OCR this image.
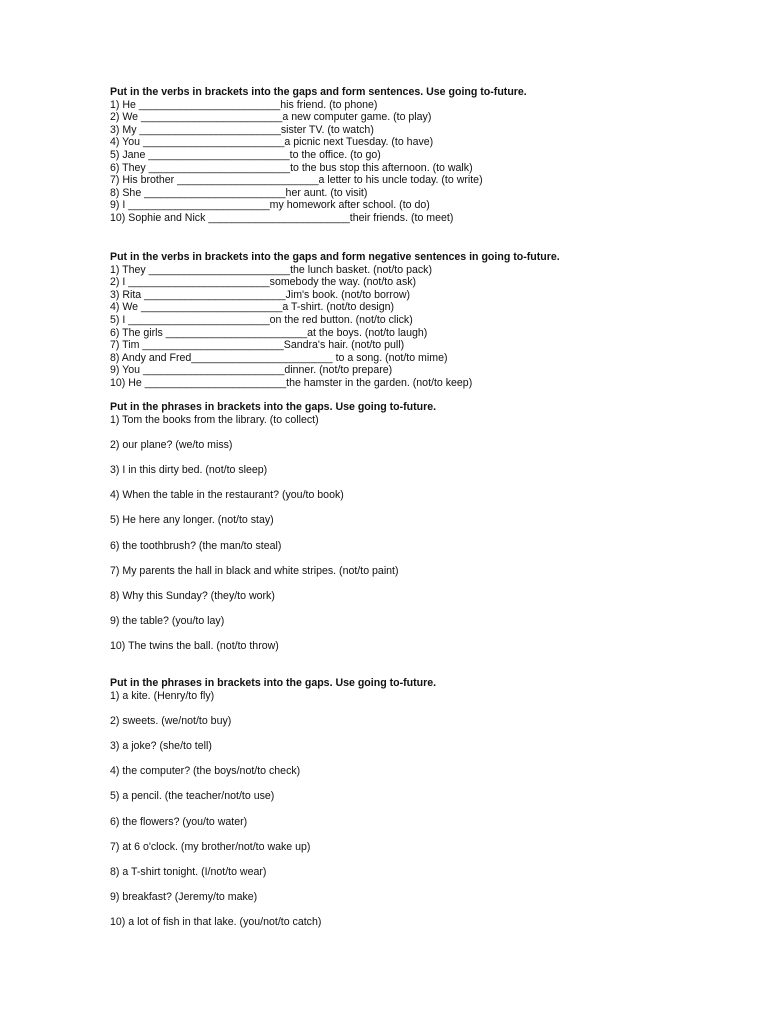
Put in the verbs in brackets into the gaps and form sentences. Use going to-future.
1) He ________________________his friend. (to phone)
2) We ________________________a new computer game. (to play)
3) My ________________________sister TV. (to watch)
4) You ________________________a picnic next Tuesday. (to have)
5) Jane ________________________to the office. (to go)
6) They ________________________to the bus stop this afternoon. (to walk)
7) His brother ________________________a letter to his uncle today. (to write)
8) She ________________________her aunt. (to visit)
9) I ________________________my homework after school. (to do)
10) Sophie and Nick ________________________their friends. (to meet)
Put in the verbs in brackets into the gaps and form negative sentences in going to-future.
1) They ________________________the lunch basket. (not/to pack)
2) I ________________________somebody the way. (not/to ask)
3) Rita ________________________Jim's book. (not/to borrow)
4) We ________________________a T-shirt. (not/to design)
5) I ________________________on the red button. (not/to click)
6) The girls ________________________at the boys. (not/to laugh)
7) Tim ________________________Sandra's hair. (not/to pull)
8) Andy and Fred________________________ to a song. (not/to mime)
9) You ________________________dinner. (not/to prepare)
10) He ________________________the hamster in the garden. (not/to keep)
Put in the phrases in brackets into the gaps. Use going to-future.
1) Tom the books from the library. (to collect)
2) our plane? (we/to miss)
3) I in this dirty bed. (not/to sleep)
4) When the table in the restaurant? (you/to book)
5) He here any longer. (not/to stay)
6) the toothbrush? (the man/to steal)
7) My parents the hall in black and white stripes. (not/to paint)
8) Why this Sunday? (they/to work)
9) the table? (you/to lay)
10) The twins the ball. (not/to throw)
Put in the phrases in brackets into the gaps. Use going to-future.
1) a kite. (Henry/to fly)
2) sweets. (we/not/to buy)
3) a joke? (she/to tell)
4) the computer? (the boys/not/to check)
5) a pencil. (the teacher/not/to use)
6) the flowers? (you/to water)
7) at 6 o'clock. (my brother/not/to wake up)
8) a T-shirt tonight. (I/not/to wear)
9) breakfast? (Jeremy/to make)
10) a lot of fish in that lake. (you/not/to catch)
